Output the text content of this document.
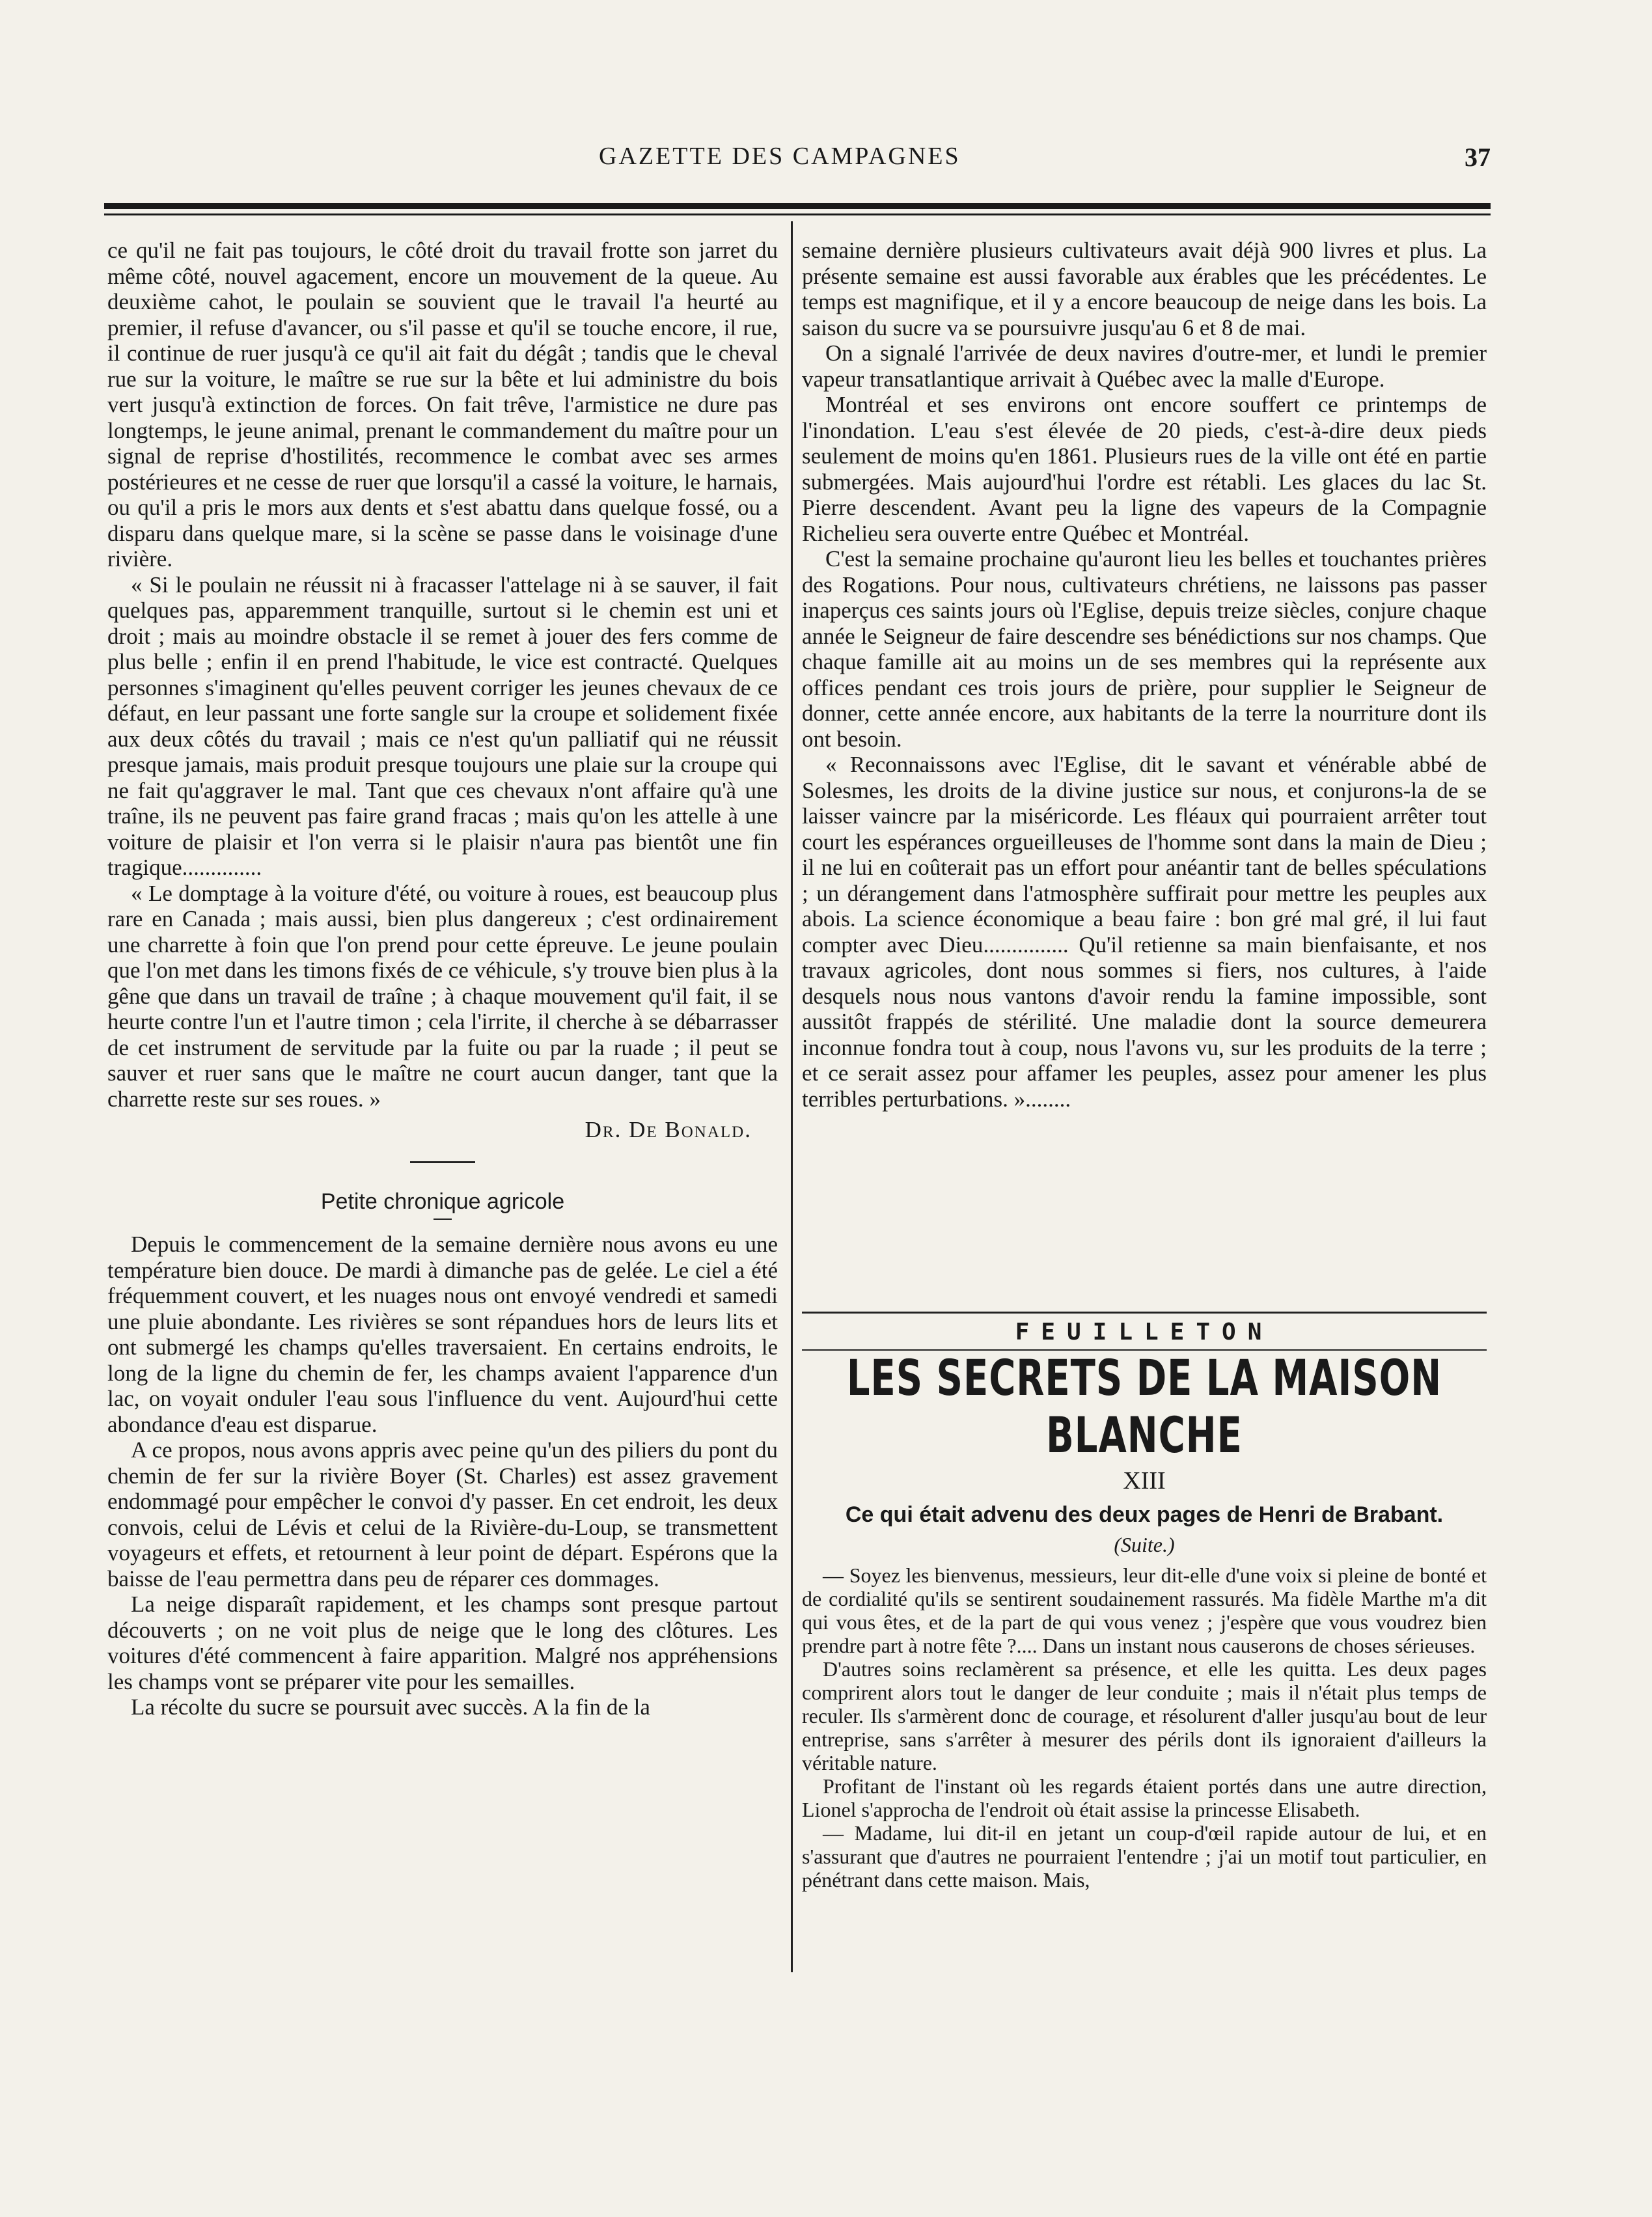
GAZETTE DES CAMPAGNES	37

ce qu'il ne fait pas toujours, le côté droit du travail frotte son jarret du même côté, nouvel agacement, encore un mouvement de la queue. Au deuxième cahot, le poulain se souvient que le travail l'a heurté au premier, il refuse d'avancer, ou s'il passe et qu'il se touche encore, il rue, il continue de ruer jusqu'à ce qu'il ait fait du dégât ; tandis que le cheval rue sur la voiture, le maître se rue sur la bête et lui administre du bois vert jusqu'à extinction de forces. On fait trêve, l'armistice ne dure pas longtemps, le jeune animal, prenant le commandement du maître pour un signal de reprise d'hostilités, recommence le combat avec ses armes postérieures et ne cesse de ruer que lorsqu'il a cassé la voiture, le harnais, ou qu'il a pris le mors aux dents et s'est abattu dans quelque fossé, ou a disparu dans quelque mare, si la scène se passe dans le voisinage d'une rivière.

« Si le poulain ne réussit ni à fracasser l'attelage ni à se sauver, il fait quelques pas, apparemment tranquille, surtout si le chemin est uni et droit ; mais au moindre obstacle il se remet à jouer des fers comme de plus belle ; enfin il en prend l'habitude, le vice est contracté. Quelques personnes s'imaginent qu'elles peuvent corriger les jeunes chevaux de ce défaut, en leur passant une forte sangle sur la croupe et solidement fixée aux deux côtés du travail ; mais ce n'est qu'un palliatif qui ne réussit presque jamais, mais produit presque toujours une plaie sur la croupe qui ne fait qu'aggraver le mal. Tant que ces chevaux n'ont affaire qu'à une traîne, ils ne peuvent pas faire grand fracas ; mais qu'on les attelle à une voiture de plaisir et l'on verra si le plaisir n'aura pas bientôt une fin tragique..............

« Le domptage à la voiture d'été, ou voiture à roues, est beaucoup plus rare en Canada ; mais aussi, bien plus dangereux ; c'est ordinairement une charrette à foin que l'on prend pour cette épreuve. Le jeune poulain que l'on met dans les timons fixés de ce véhicule, s'y trouve bien plus à la gêne que dans un travail de traîne ; à chaque mouvement qu'il fait, il se heurte contre l'un et l'autre timon ; cela l'irrite, il cherche à se débarrasser de cet instrument de servitude par la fuite ou par la ruade ; il peut se sauver et ruer sans que le maître ne court aucun danger, tant que la charrette reste sur ses roues. »

Dr. De Bonald.
Petite chronique agricole

Depuis le commencement de la semaine dernière nous avons eu une température bien douce. De mardi à dimanche pas de gelée. Le ciel a été fréquemment couvert, et les nuages nous ont envoyé vendredi et samedi une pluie abondante. Les rivières se sont répandues hors de leurs lits et ont submergé les champs qu'elles traversaient. En certains endroits, le long de la ligne du chemin de fer, les champs avaient l'apparence d'un lac, on voyait onduler l'eau sous l'influence du vent. Aujourd'hui cette abondance d'eau est disparue.

A ce propos, nous avons appris avec peine qu'un des piliers du pont du chemin de fer sur la rivière Boyer (St. Charles) est assez gravement endommagé pour empêcher le convoi d'y passer. En cet endroit, les deux convois, celui de Lévis et celui de la Rivière-du-Loup, se transmettent voyageurs et effets, et retournent à leur point de départ. Espérons que la baisse de l'eau permettra dans peu de réparer ces dommages.

La neige disparaît rapidement, et les champs sont presque partout découverts ; on ne voit plus de neige que le long des clôtures. Les voitures d'été commencent à faire apparition. Malgré nos appréhensions les champs vont se préparer vite pour les semailles.

La récolte du sucre se poursuit avec succès. A la fin de la

semaine dernière plusieurs cultivateurs avait déjà 900 livres et plus. La présente semaine est aussi favorable aux érables que les précédentes. Le temps est magnifique, et il y a encore beaucoup de neige dans les bois. La saison du sucre va se poursuivre jusqu'au 6 et 8 de mai.

On a signalé l'arrivée de deux navires d'outre-mer, et lundi le premier vapeur transatlantique arrivait à Québec avec la malle d'Europe.

Montréal et ses environs ont encore souffert ce printemps de l'inondation. L'eau s'est élevée de 20 pieds, c'est-à-dire deux pieds seulement de moins qu'en 1861. Plusieurs rues de la ville ont été en partie submergées. Mais aujourd'hui l'ordre est rétabli. Les glaces du lac St. Pierre descendent. Avant peu la ligne des vapeurs de la Compagnie Richelieu sera ouverte entre Québec et Montréal.

C'est la semaine prochaine qu'auront lieu les belles et touchantes prières des Rogations. Pour nous, cultivateurs chrétiens, ne laissons pas passer inaperçus ces saints jours où l'Eglise, depuis treize siècles, conjure chaque année le Seigneur de faire descendre ses bénédictions sur nos champs. Que chaque famille ait au moins un de ses membres qui la représente aux offices pendant ces trois jours de prière, pour supplier le Seigneur de donner, cette année encore, aux habitants de la terre la nourriture dont ils ont besoin.

« Reconnaissons avec l'Eglise, dit le savant et vénérable abbé de Solesmes, les droits de la divine justice sur nous, et conjurons-la de se laisser vaincre par la miséricorde. Les fléaux qui pourraient arrêter tout court les espérances orgueilleuses de l'homme sont dans la main de Dieu ; il ne lui en coûterait pas un effort pour anéantir tant de belles spéculations ; un dérangement dans l'atmosphère suffirait pour mettre les peuples aux abois. La science économique a beau faire : bon gré mal gré, il lui faut compter avec Dieu............... Qu'il retienne sa main bienfaisante, et nos travaux agricoles, dont nous sommes si fiers, nos cultures, à l'aide desquels nous nous vantons d'avoir rendu la famine impossible, sont aussitôt frappés de stérilité. Une maladie dont la source demeurera inconnue fondra tout à coup, nous l'avons vu, sur les produits de la terre ; et ce serait assez pour affamer les peuples, assez pour amener les plus terribles perturbations. »........

FEUILLETON
LES SECRETS DE LA MAISON BLANCHE
XIII
Ce qui était advenu des deux pages de Henri de Brabant.
(Suite.)

— Soyez les bienvenus, messieurs, leur dit-elle d'une voix si pleine de bonté et de cordialité qu'ils se sentirent soudainement rassurés. Ma fidèle Marthe m'a dit qui vous êtes, et de la part de qui vous venez ; j'espère que vous voudrez bien prendre part à notre fête ?.... Dans un instant nous causerons de choses sérieuses.

D'autres soins reclamèrent sa présence, et elle les quitta. Les deux pages comprirent alors tout le danger de leur conduite ; mais il n'était plus temps de reculer. Ils s'armèrent donc de courage, et résolurent d'aller jusqu'au bout de leur entreprise, sans s'arrêter à mesurer des périls dont ils ignoraient d'ailleurs la véritable nature.

Profitant de l'instant où les regards étaient portés dans une autre direction, Lionel s'approcha de l'endroit où était assise la princesse Elisabeth.

— Madame, lui dit-il en jetant un coup-d'œil rapide autour de lui, et en s'assurant que d'autres ne pourraient l'entendre ; j'ai un motif tout particulier, en pénétrant dans cette maison. Mais,
